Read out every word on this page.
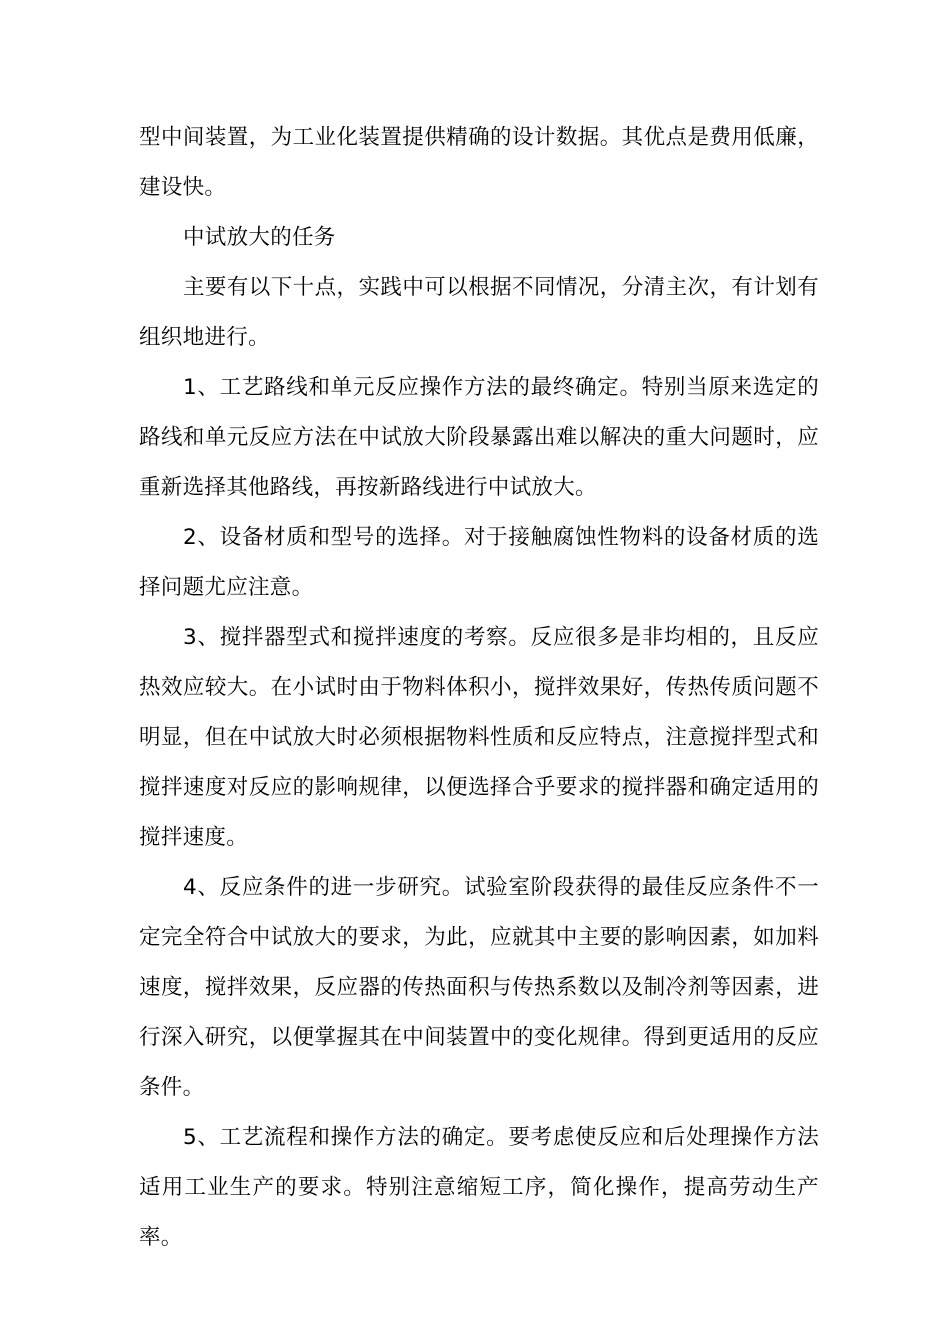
型中间装置，为工业化装置提供精确的设计数据。其优点是费用低廉，建设快。

中试放大的任务

主要有以下十点，实践中可以根据不同情况，分清主次，有计划有组织地进行。

1、工艺路线和单元反应操作方法的最终确定。特别当原来选定的路线和单元反应方法在中试放大阶段暴露出难以解决的重大问题时，应重新选择其他路线，再按新路线进行中试放大。

2、设备材质和型号的选择。对于接触腐蚀性物料的设备材质的选择问题尤应注意。

3、搅拌器型式和搅拌速度的考察。反应很多是非均相的，且反应热效应较大。在小试时由于物料体积小，搅拌效果好，传热传质问题不明显，但在中试放大时必须根据物料性质和反应特点，注意搅拌型式和搅拌速度对反应的影响规律，以便选择合乎要求的搅拌器和确定适用的搅拌速度。

4、反应条件的进一步研究。试验室阶段获得的最佳反应条件不一定完全符合中试放大的要求，为此，应就其中主要的影响因素，如加料速度，搅拌效果，反应器的传热面积与传热系数以及制冷剂等因素，进行深入研究，以便掌握其在中间装置中的变化规律。得到更适用的反应条件。

5、工艺流程和操作方法的确定。要考虑使反应和后处理操作方法适用工业生产的要求。特别注意缩短工序，简化操作，提高劳动生产率。
